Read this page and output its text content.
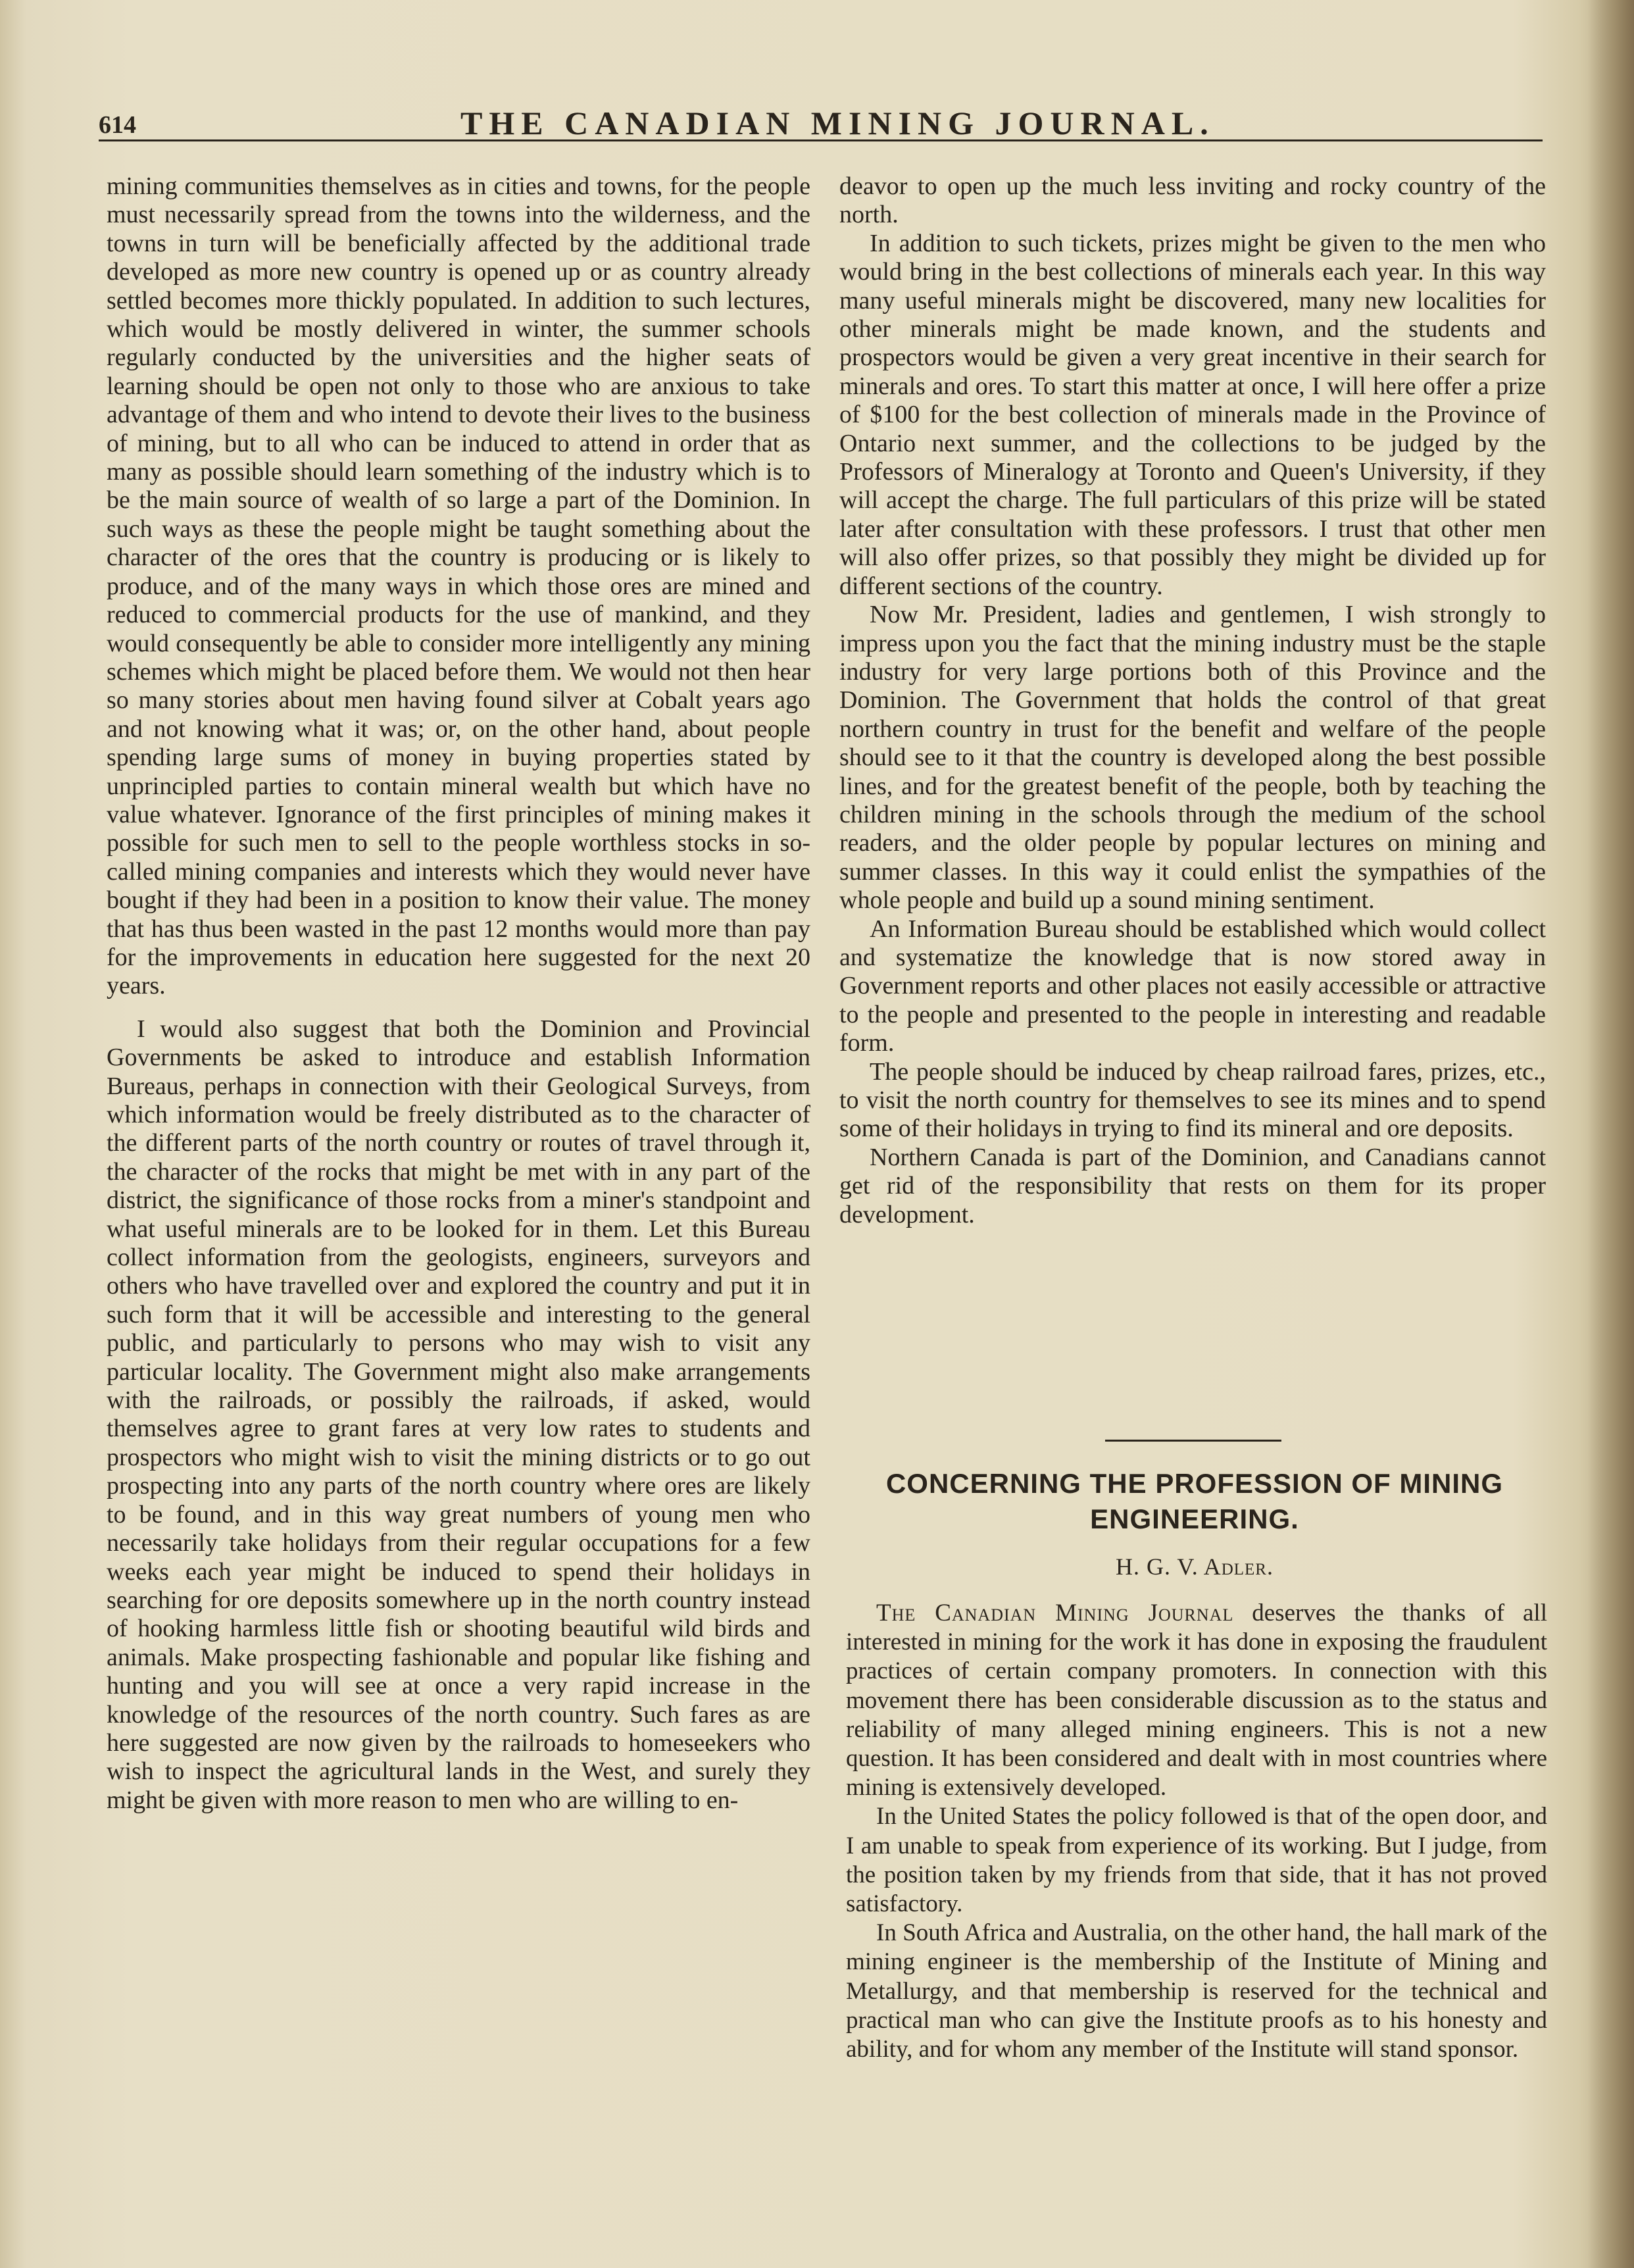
614	THE CANADIAN MINING JOURNAL.

mining communities themselves as in cities and towns, for the people must necessarily spread from the towns into the wilderness, and the towns in turn will be beneficially affected by the additional trade developed as more new country is opened up or as country already settled becomes more thickly populated. In addition to such lectures, which would be mostly delivered in winter, the summer schools regularly conducted by the universities and the higher seats of learning should be open not only to those who are anxious to take advantage of them and who intend to devote their lives to the business of mining, but to all who can be induced to attend in order that as many as possible should learn something of the industry which is to be the main source of wealth of so large a part of the Dominion. In such ways as these the people might be taught something about the character of the ores that the country is producing or is likely to produce, and of the many ways in which those ores are mined and reduced to commercial products for the use of mankind, and they would consequently be able to consider more intelligently any mining schemes which might be placed before them. We would not then hear so many stories about men having found silver at Cobalt years ago and not knowing what it was; or, on the other hand, about people spending large sums of money in buying properties stated by unprincipled parties to contain mineral wealth but which have no value whatever. Ignorance of the first principles of mining makes it possible for such men to sell to the people worthless stocks in so-called mining companies and interests which they would never have bought if they had been in a position to know their value. The money that has thus been wasted in the past 12 months would more than pay for the improvements in education here suggested for the next 20 years.

I would also suggest that both the Dominion and Provincial Governments be asked to introduce and establish Information Bureaus, perhaps in connection with their Geological Surveys, from which information would be freely distributed as to the character of the different parts of the north country or routes of travel through it, the character of the rocks that might be met with in any part of the district, the significance of those rocks from a miner's standpoint and what useful minerals are to be looked for in them. Let this Bureau collect information from the geologists, engineers, surveyors and others who have travelled over and explored the country and put it in such form that it will be accessible and interesting to the general public, and particularly to persons who may wish to visit any particular locality. The Government might also make arrangements with the railroads, or possibly the railroads, if asked, would themselves agree to grant fares at very low rates to students and prospectors who might wish to visit the mining districts or to go out prospecting into any parts of the north country where ores are likely to be found, and in this way great numbers of young men who necessarily take holidays from their regular occupations for a few weeks each year might be induced to spend their holidays in searching for ore deposits somewhere up in the north country instead of hooking harmless little fish or shooting beautiful wild birds and animals. Make prospecting fashionable and popular like fishing and hunting and you will see at once a very rapid increase in the knowledge of the resources of the north country. Such fares as are here suggested are now given by the railroads to homeseekers who wish to inspect the agricultural lands in the West, and surely they might be given with more reason to men who are willing to en-

deavor to open up the much less inviting and rocky country of the north.

In addition to such tickets, prizes might be given to the men who would bring in the best collections of minerals each year. In this way many useful minerals might be discovered, many new localities for other minerals might be made known, and the students and prospectors would be given a very great incentive in their search for minerals and ores. To start this matter at once, I will here offer a prize of $100 for the best collection of minerals made in the Province of Ontario next summer, and the collections to be judged by the Professors of Mineralogy at Toronto and Queen's University, if they will accept the charge. The full particulars of this prize will be stated later after consultation with these professors. I trust that other men will also offer prizes, so that possibly they might be divided up for different sections of the country.

Now Mr. President, ladies and gentlemen, I wish strongly to impress upon you the fact that the mining industry must be the staple industry for very large portions both of this Province and the Dominion. The Government that holds the control of that great northern country in trust for the benefit and welfare of the people should see to it that the country is developed along the best possible lines, and for the greatest benefit of the people, both by teaching the children mining in the schools through the medium of the school readers, and the older people by popular lectures on mining and summer classes. In this way it could enlist the sympathies of the whole people and build up a sound mining sentiment.

An Information Bureau should be established which would collect and systematize the knowledge that is now stored away in Government reports and other places not easily accessible or attractive to the people and presented to the people in interesting and readable form.

The people should be induced by cheap railroad fares, prizes, etc., to visit the north country for themselves to see its mines and to spend some of their holidays in trying to find its mineral and ore deposits.

Northern Canada is part of the Dominion, and Canadians cannot get rid of the responsibility that rests on them for its proper development.

CONCERNING THE PROFESSION OF MINING ENGINEERING.
H. G. V. Adler.

The Canadian Mining Journal deserves the thanks of all interested in mining for the work it has done in exposing the fraudulent practices of certain company promoters. In connection with this movement there has been considerable discussion as to the status and reliability of many alleged mining engineers. This is not a new question. It has been considered and dealt with in most countries where mining is extensively developed.

In the United States the policy followed is that of the open door, and I am unable to speak from experience of its working. But I judge, from the position taken by my friends from that side, that it has not proved satisfactory.

In South Africa and Australia, on the other hand, the hall mark of the mining engineer is the membership of the Institute of Mining and Metallurgy, and that membership is reserved for the technical and practical man who can give the Institute proofs as to his honesty and ability, and for whom any member of the Institute will stand sponsor.
